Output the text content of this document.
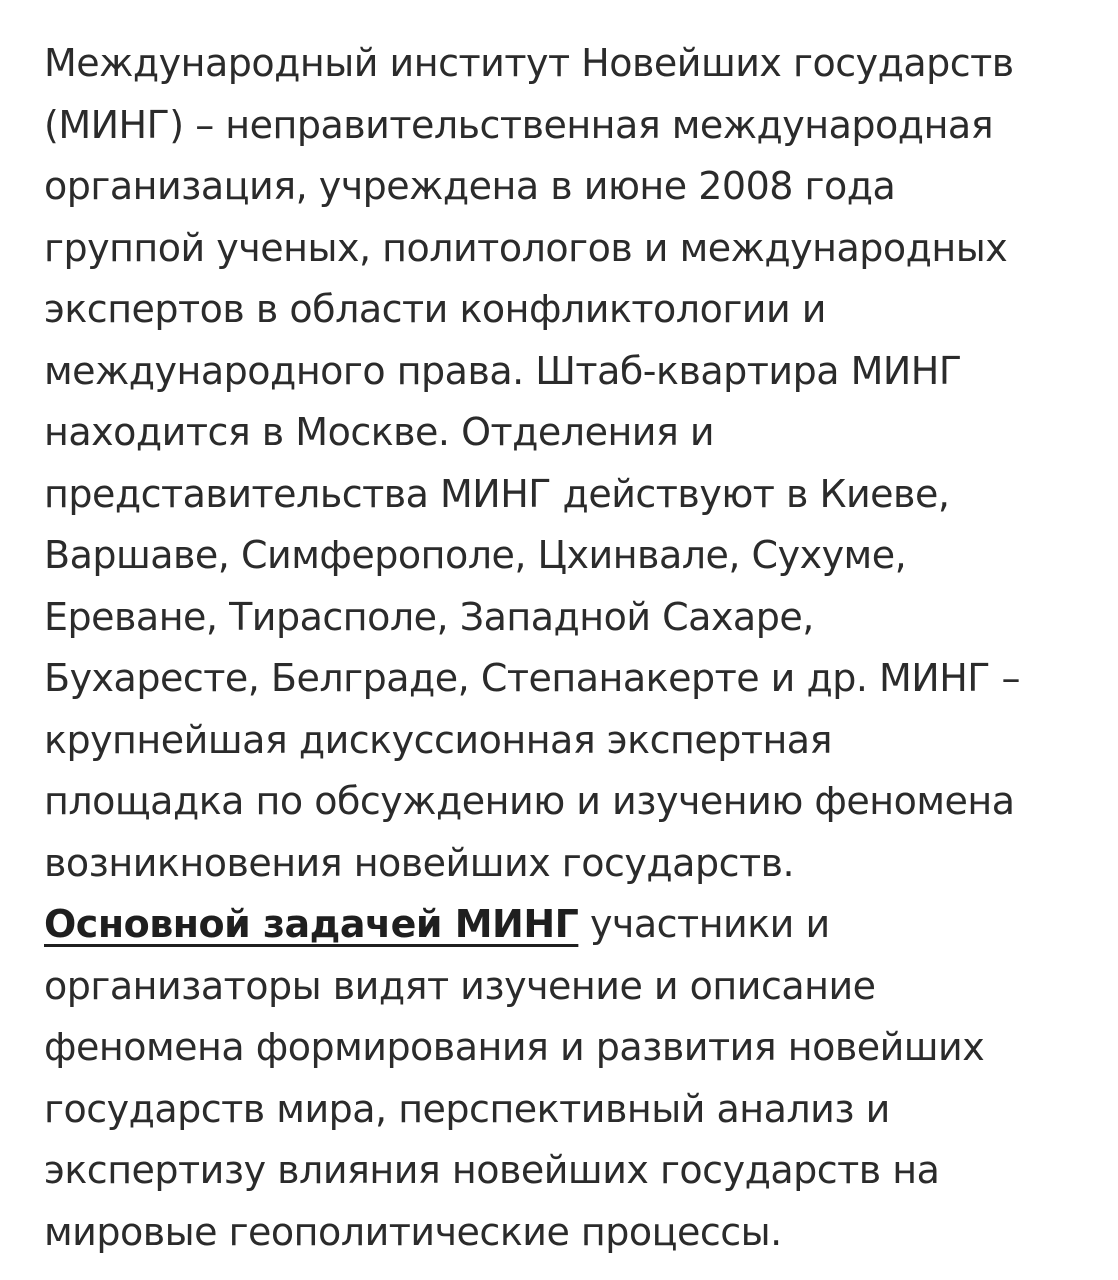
Международный институт Новейших государств
(МИНГ) – неправительственная международная
организация, учреждена в июне 2008 года
группой ученых, политологов и международных
экспертов в области конфликтологии и
международного права. Штаб-квартира МИНГ
находится в Москве. Отделения и
представительства МИНГ действуют в Киеве,
Варшаве, Симферополе, Цхинвале, Сухуме,
Ереване, Тирасполе, Западной Сахаре,
Бухаресте, Белграде, Степанакерте и др. МИНГ –
крупнейшая дискуссионная экспертная
площадка по обсуждению и изучению феномена
возникновения новейших государств.

Основной задачей МИНГ участники и
организаторы видят изучение и описание
феномена формирования и развития новейших
государств мира, перспективный анализ и
экспертизу влияния новейших государств на
мировые геополитические процессы.
